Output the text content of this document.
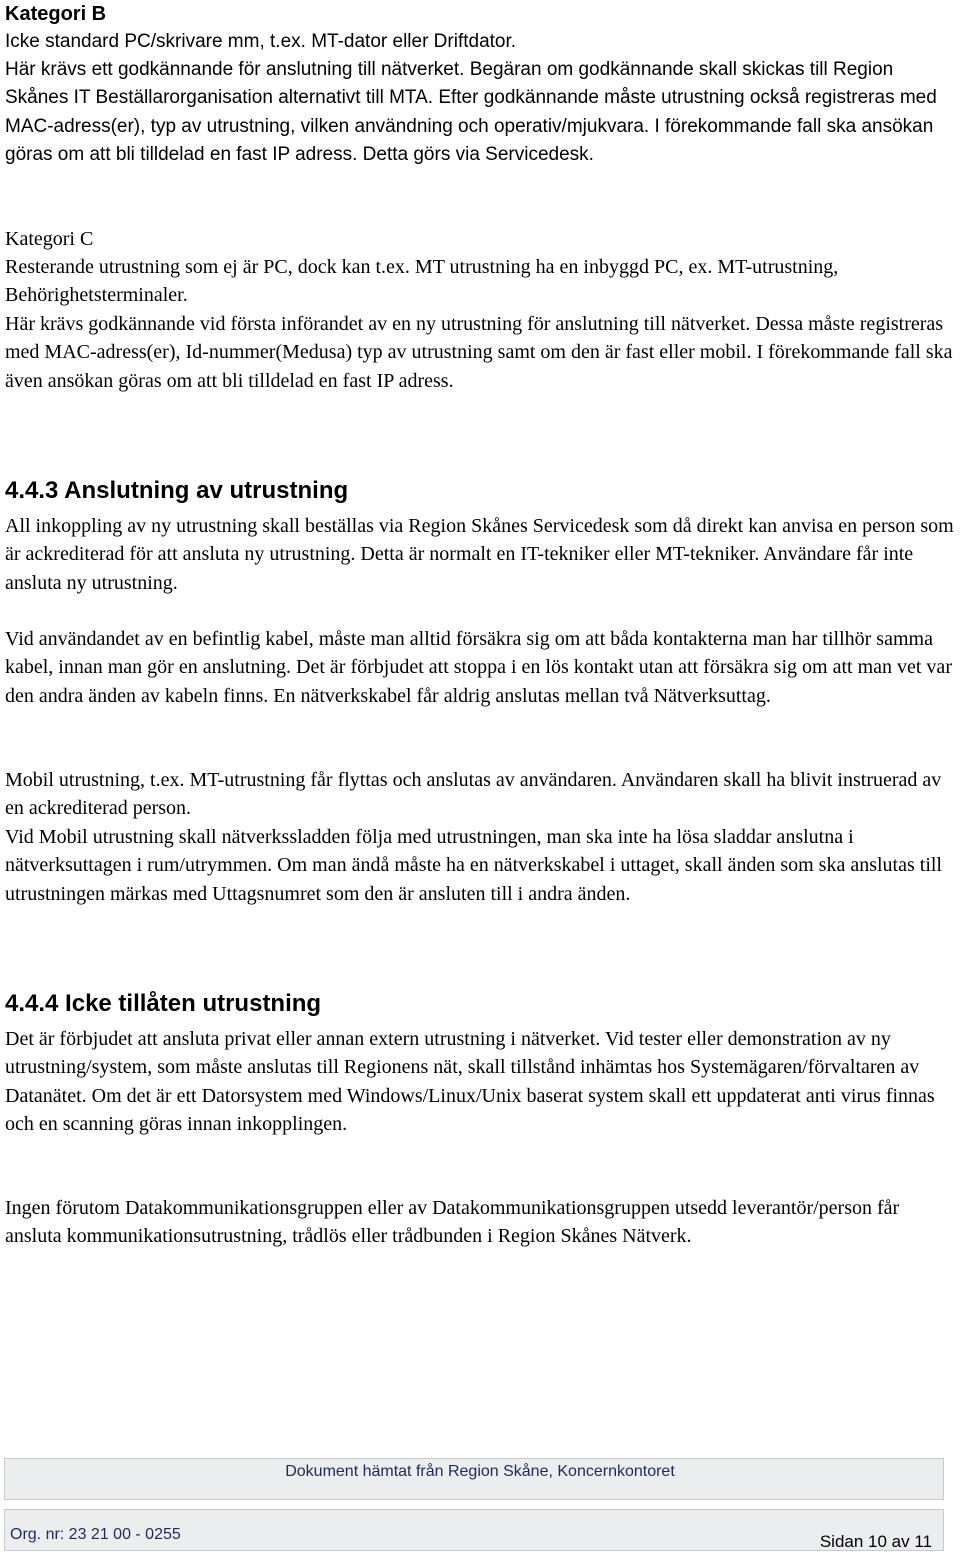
Kategori B
Icke standard PC/skrivare mm, t.ex. MT-dator eller Driftdator.
Här krävs ett godkännande för anslutning till nätverket. Begäran om godkännande skall skickas till Region Skånes IT Beställarorganisation alternativt till MTA. Efter godkännande måste utrustning också registreras med MAC-adress(er), typ av utrustning, vilken användning och operativ/mjukvara. I förekommande fall ska ansökan göras om att bli tilldelad en fast IP adress. Detta görs via Servicedesk.
Kategori C
Resterande utrustning som ej är PC, dock kan t.ex. MT utrustning ha en inbyggd PC, ex. MT-utrustning, Behörighetsterminaler.
Här krävs godkännande vid första införandet av en ny utrustning för anslutning till nätverket. Dessa måste registreras med MAC-adress(er), Id-nummer(Medusa) typ av utrustning samt om den är fast eller mobil. I förekommande fall ska även ansökan göras om att bli tilldelad en fast IP adress.
4.4.3 Anslutning av utrustning
All inkoppling av ny utrustning skall beställas via Region Skånes Servicedesk som då direkt kan anvisa en person som är ackrediterad för att ansluta ny utrustning. Detta är normalt en IT-tekniker eller MT-tekniker. Användare får inte ansluta ny utrustning.
Vid användandet av en befintlig kabel, måste man alltid försäkra sig om att båda kontakterna man har tillhör samma kabel, innan man gör en anslutning. Det är förbjudet att stoppa i en lös kontakt utan att försäkra sig om att man vet var den andra änden av kabeln finns. En nätverkskabel får aldrig anslutas mellan två Nätverksuttag.
Mobil utrustning, t.ex. MT-utrustning får flyttas och anslutas av användaren. Användaren skall ha blivit instruerad av en ackrediterad person.
Vid Mobil utrustning skall nätverkssladden följa med utrustningen, man ska inte ha lösa sladdar anslutna i nätverksuttagen i rum/utrymmen. Om man ändå måste ha en nätverkskabel i uttaget, skall änden som ska anslutas till utrustningen märkas med Uttagsnumret som den är ansluten till i andra änden.
4.4.4 Icke tillåten utrustning
Det är förbjudet att ansluta privat eller annan extern utrustning i nätverket. Vid tester eller demonstration av ny utrustning/system, som måste anslutas till Regionens nät, skall tillstånd inhämtas hos Systemägaren/förvaltaren av Datanätet. Om det är ett Datorsystem med Windows/Linux/Unix baserat system skall ett uppdaterat anti virus finnas och en scanning göras innan inkopplingen.
Ingen förutom Datakommunikationsgruppen eller av Datakommunikationsgruppen utsedd leverantör/person får ansluta kommunikationsutrustning, trådlös eller trådbunden i Region Skånes Nätverk.
Dokument hämtat från Region Skåne, Koncernkontoret
Org. nr: 23 21 00 - 0255	Sidan 10 av 11
